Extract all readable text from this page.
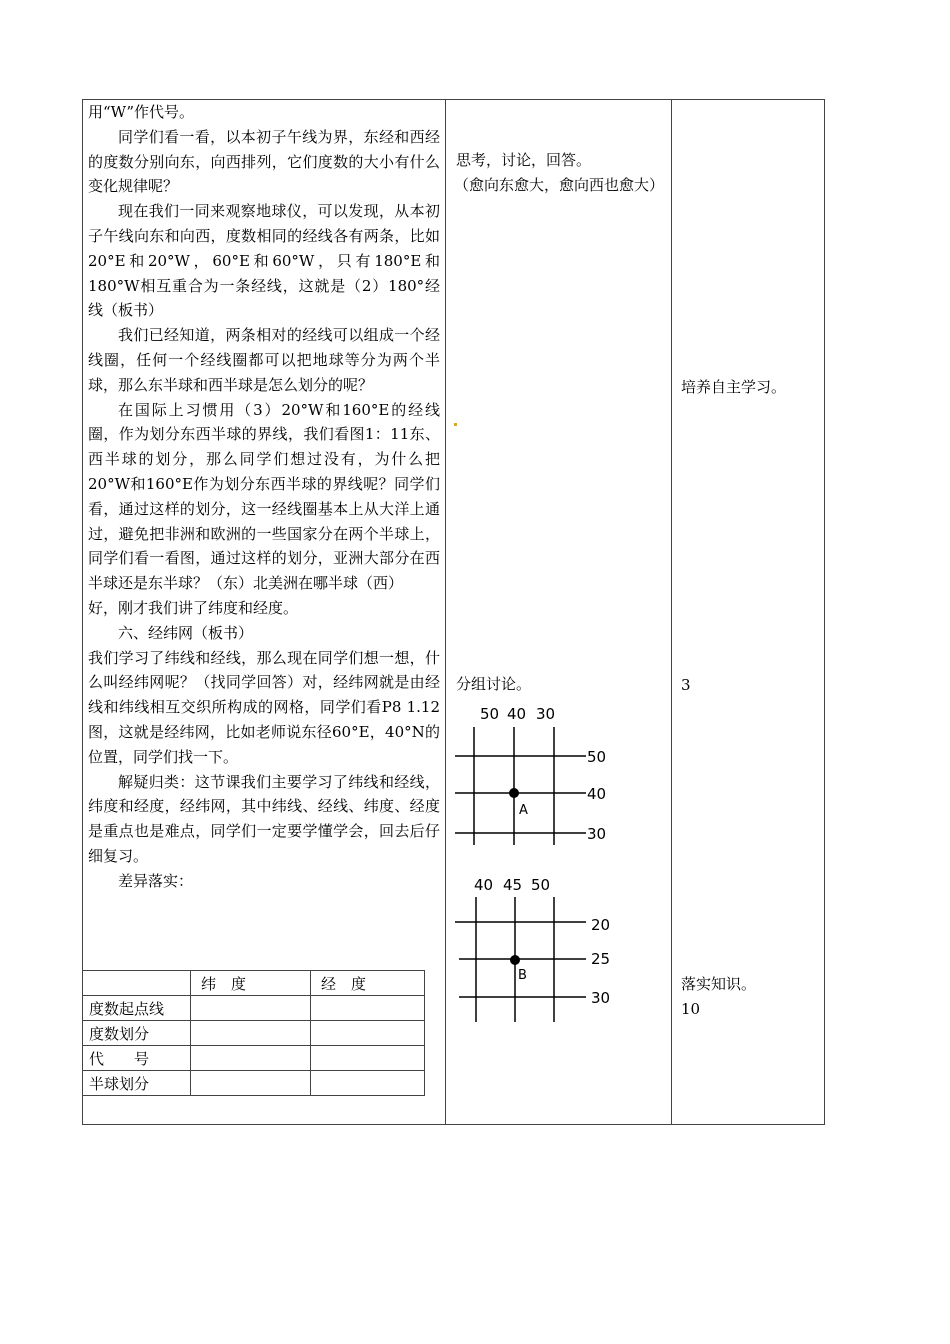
用“W”作代号。

同学们看一看，以本初子午线为界，东经和西经的度数分别向东，向西排列，它们度数的大小有什么变化规律呢？

现在我们一同来观察地球仪，可以发现，从本初子午线向东和向西，度数相同的经线各有两条，比如20°E和20°W，60°E和60°W，只有180°E和180°W相互重合为一条经线，这就是（2）180°经线（板书）

我们已经知道，两条相对的经线可以组成一个经线圈，任何一个经线圈都可以把地球等分为两个半球，那么东半球和西半球是怎么划分的呢？

在国际上习惯用（3）20°W和160°E的经线圈，作为划分东西半球的界线，我们看图1：11东、西半球的划分，那么同学们想过没有，为什么把20°W和160°E作为划分东西半球的界线呢？同学们看，通过这样的划分，这一经线圈基本上从大洋上通过，避免把非洲和欧洲的一些国家分在两个半球上，同学们看一看图，通过这样的划分，亚洲大部分在西半球还是东半球？（东）北美洲在哪半球（西）

好，刚才我们讲了纬度和经度。

六、经纬网（板书）

我们学习了纬线和经线，那么现在同学们想一想，什么叫经纬网呢？（找同学回答）对，经纬网就是由经线和纬线相互交织所构成的网格，同学们看P8 1.12图，这就是经纬网，比如老师说东径60°E，40°N的位置，同学们找一下。

解疑归类：这节课我们主要学习了纬线和经线，纬度和经度，经纬网，其中纬线、经线、纬度、经度是重点也是难点，同学们一定要学懂学会，回去后仔细复习。

差异落实：

	纬　度	经　度
度数起点线		
度数划分		
代　　号		
半球划分		
思考，讨论，回答。
（愈向东愈大，愈向西也愈大）
分组讨论。
50 40 30
50
40
30
A
40 45 50
20
25
30
B
培养自主学习。
3
落实知识。
10
